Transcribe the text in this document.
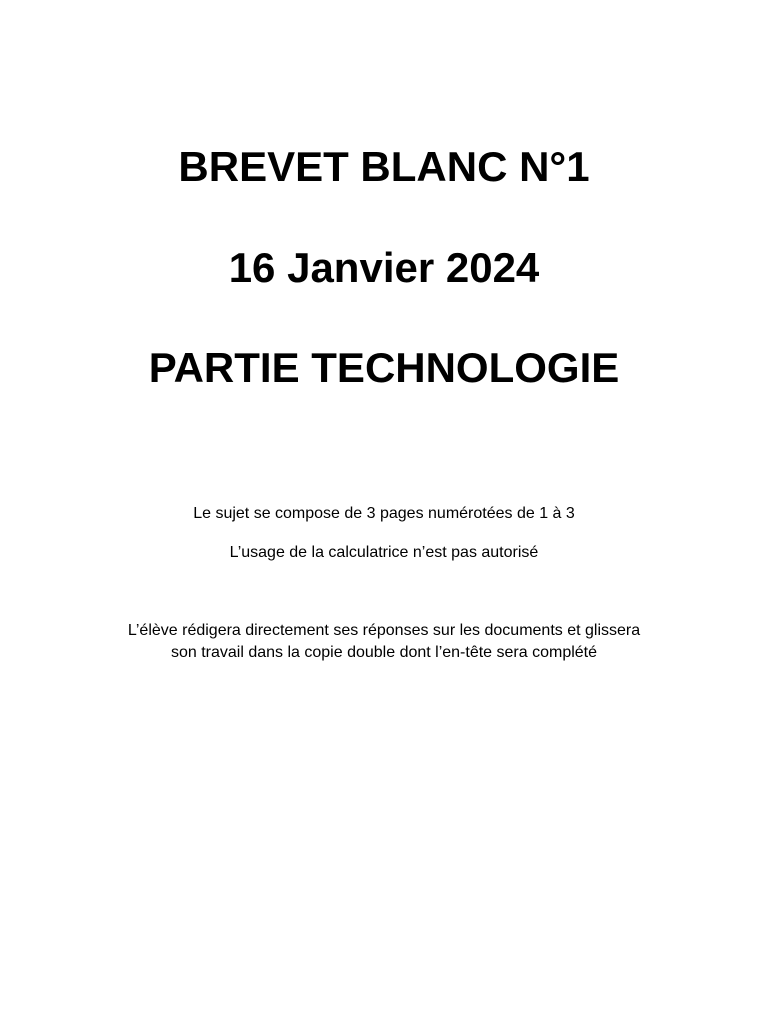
BREVET BLANC N°1
16 Janvier 2024
PARTIE TECHNOLOGIE

Le sujet se compose de 3 pages numérotées de 1 à 3

L’usage de la calculatrice n’est pas autorisé

L’élève rédigera directement ses réponses sur les documents et glissera

son travail dans la copie double dont l’en-tête sera complété
